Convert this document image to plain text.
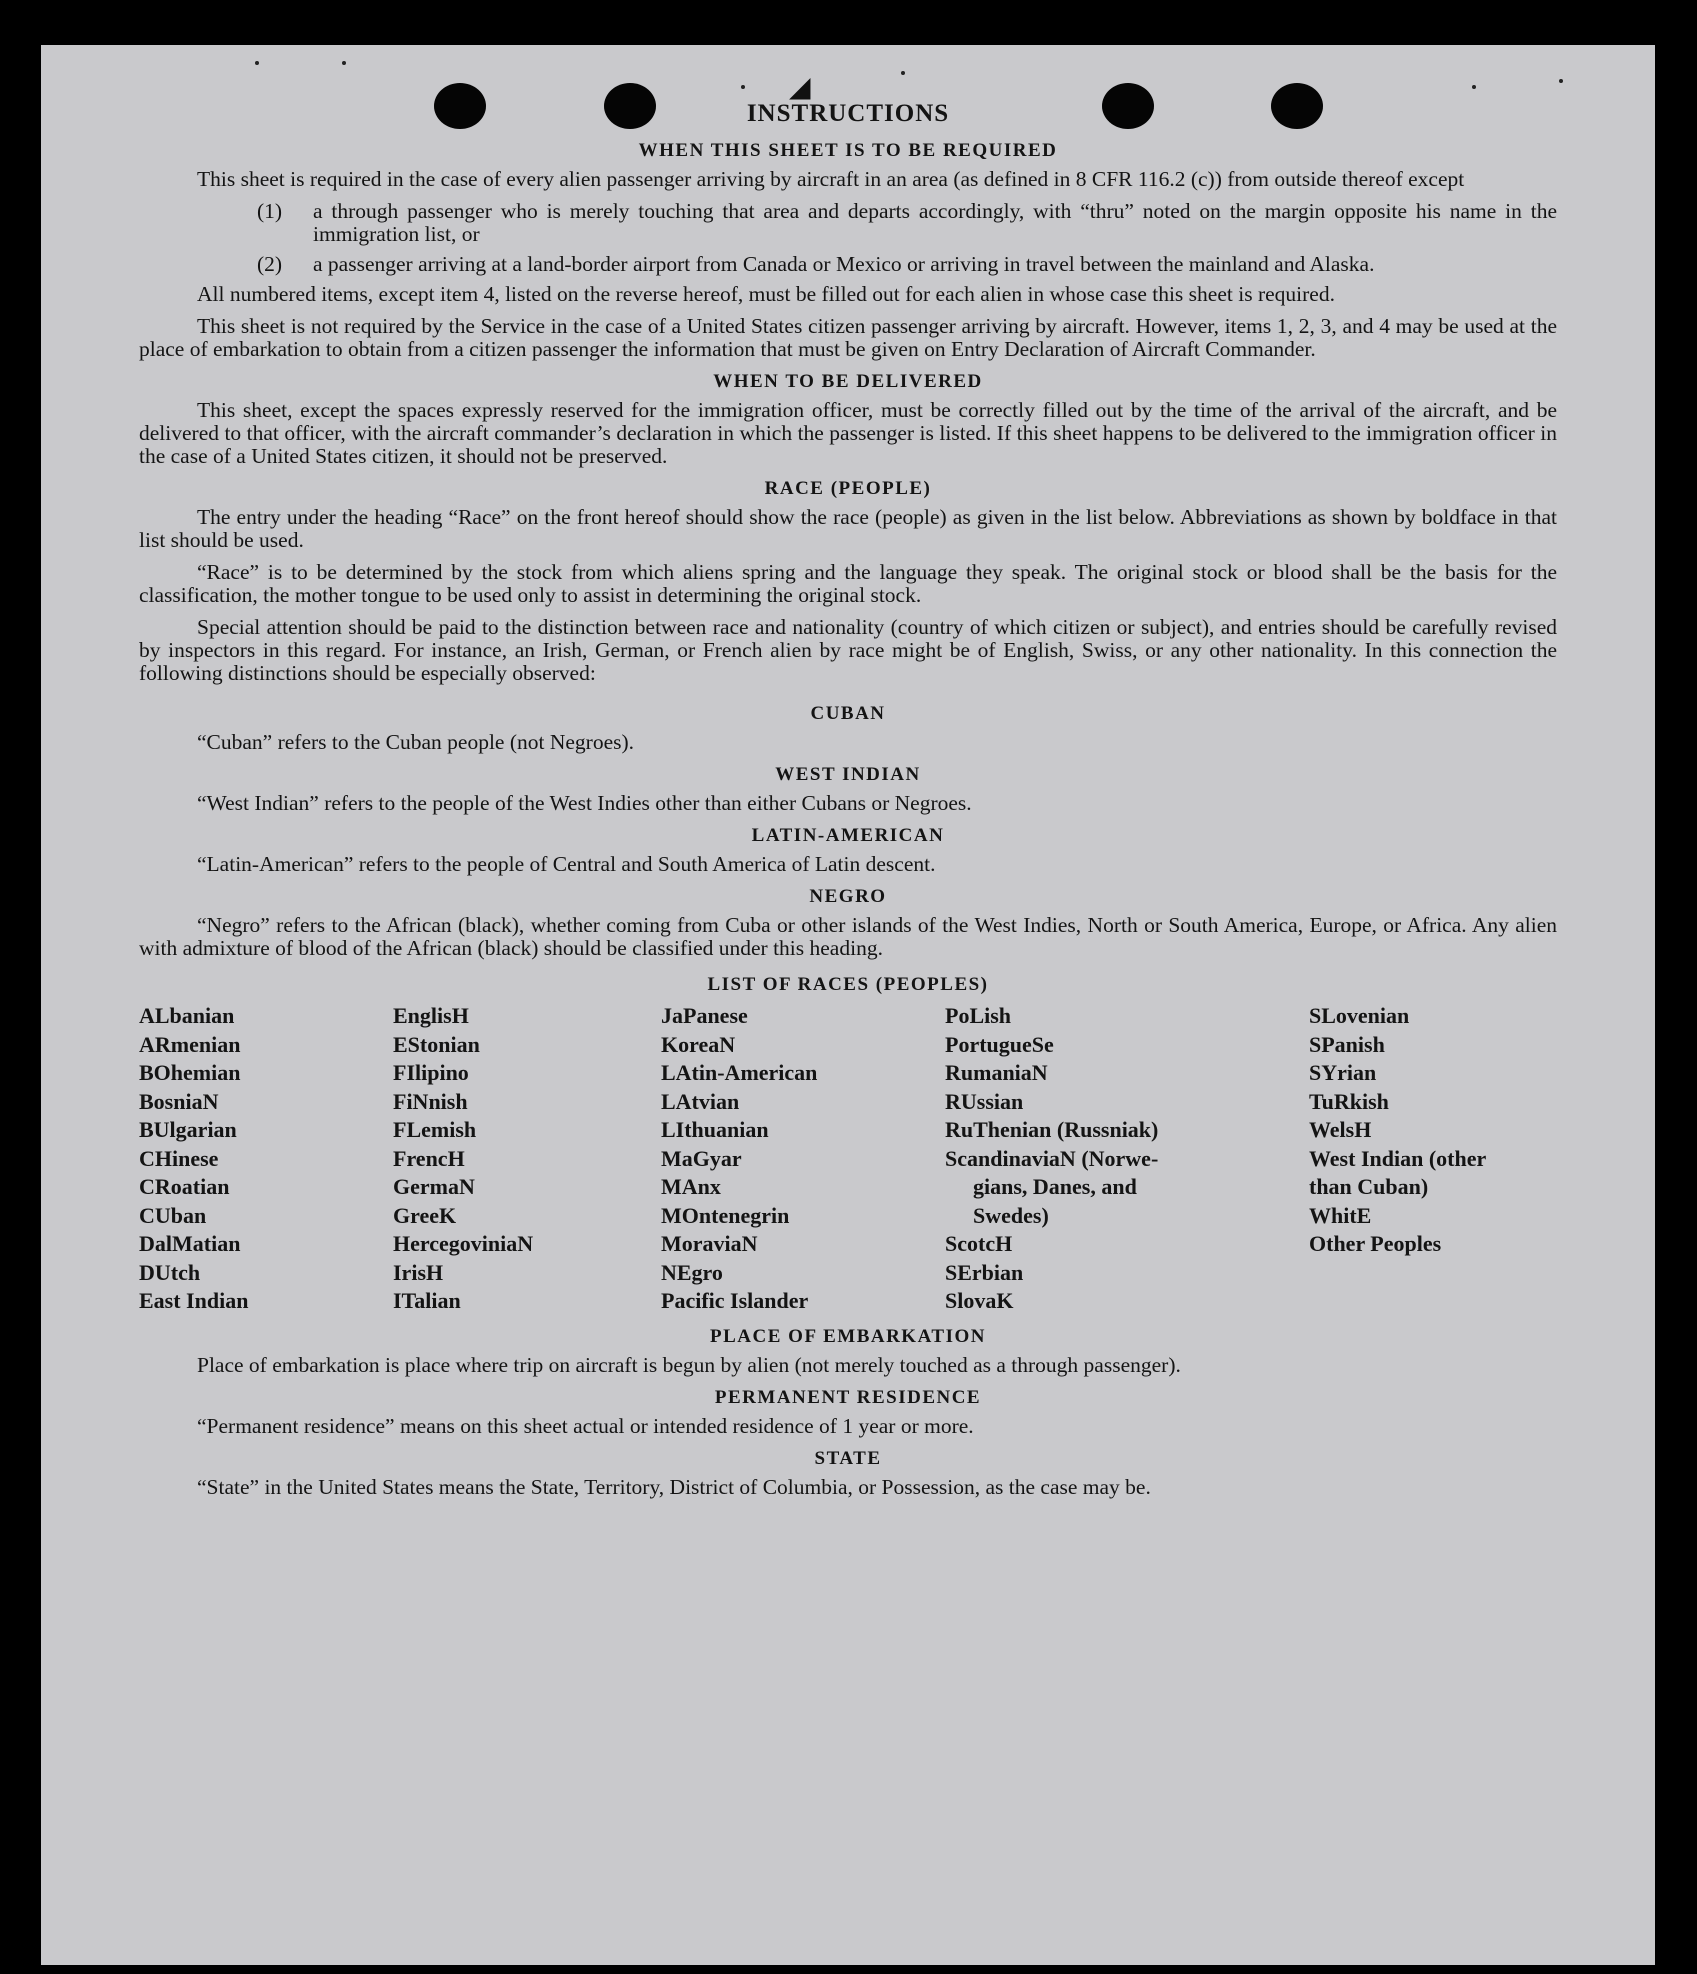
◢
INSTRUCTIONS
WHEN THIS SHEET IS TO BE REQUIRED
This sheet is required in the case of every alien passenger arriving by aircraft in an area (as defined in 8 CFR 116.2 (c)) from outside thereof except
(1)	a through passenger who is merely touching that area and departs accordingly, with “thru” noted on the margin opposite his name in the immigration list, or
(2)	a passenger arriving at a land-border airport from Canada or Mexico or arriving in travel between the mainland and Alaska.
All numbered items, except item 4, listed on the reverse hereof, must be filled out for each alien in whose case this sheet is required.
This sheet is not required by the Service in the case of a United States citizen passenger arriving by aircraft. However, items 1, 2, 3, and 4 may be used at the place of embarkation to obtain from a citizen passenger the information that must be given on Entry Declaration of Aircraft Commander.
WHEN TO BE DELIVERED
This sheet, except the spaces expressly reserved for the immigration officer, must be correctly filled out by the time of the arrival of the aircraft, and be delivered to that officer, with the aircraft commander’s declaration in which the passenger is listed. If this sheet happens to be delivered to the immigration officer in the case of a United States citizen, it should not be preserved.
RACE (PEOPLE)
The entry under the heading “Race” on the front hereof should show the race (people) as given in the list below. Abbreviations as shown by boldface in that list should be used.
“Race” is to be determined by the stock from which aliens spring and the language they speak. The original stock or blood shall be the basis for the classification, the mother tongue to be used only to assist in determining the original stock.
Special attention should be paid to the distinction between race and nationality (country of which citizen or subject), and entries should be carefully revised by inspectors in this regard. For instance, an Irish, German, or French alien by race might be of English, Swiss, or any other nationality. In this connection the following distinctions should be especially observed:
CUBAN
“Cuban” refers to the Cuban people (not Negroes).
WEST INDIAN
“West Indian” refers to the people of the West Indies other than either Cubans or Negroes.
LATIN-AMERICAN
“Latin-American” refers to the people of Central and South America of Latin descent.
NEGRO
“Negro” refers to the African (black), whether coming from Cuba or other islands of the West Indies, North or South America, Europe, or Africa. Any alien with admixture of blood of the African (black) should be classified under this heading.
LIST OF RACES (PEOPLES)
ALbanian
ARmenian
BOhemian
BosniaN
BUlgarian
CHinese
CRoatian
CUban
DalMatian
DUtch
East Indian
EnglisH
EStonian
FIlipino
FiNnish
FLemish
FrencH
GermaN
GreeK
HercegoviniaN
IrisH
ITalian
JaPanese
KoreaN
LAtin-American
LAtvian
LIthuanian
MaGyar
MAnx
MOntenegrin
MoraviaN
NEgro
Pacific Islander
PoLish
PortugueSe
RumaniaN
RUssian
RuThenian (Russniak)
ScandinaviaN (Norwe-
gians, Danes, and
Swedes)
ScotcH
SErbian
SlovaK
SLovenian
SPanish
SYrian
TuRkish
WelsH
West Indian (other
than Cuban)
WhitE
Other Peoples
PLACE OF EMBARKATION
Place of embarkation is place where trip on aircraft is begun by alien (not merely touched as a through passenger).
PERMANENT RESIDENCE
“Permanent residence” means on this sheet actual or intended residence of 1 year or more.
STATE
“State” in the United States means the State, Territory, District of Columbia, or Possession, as the case may be.
